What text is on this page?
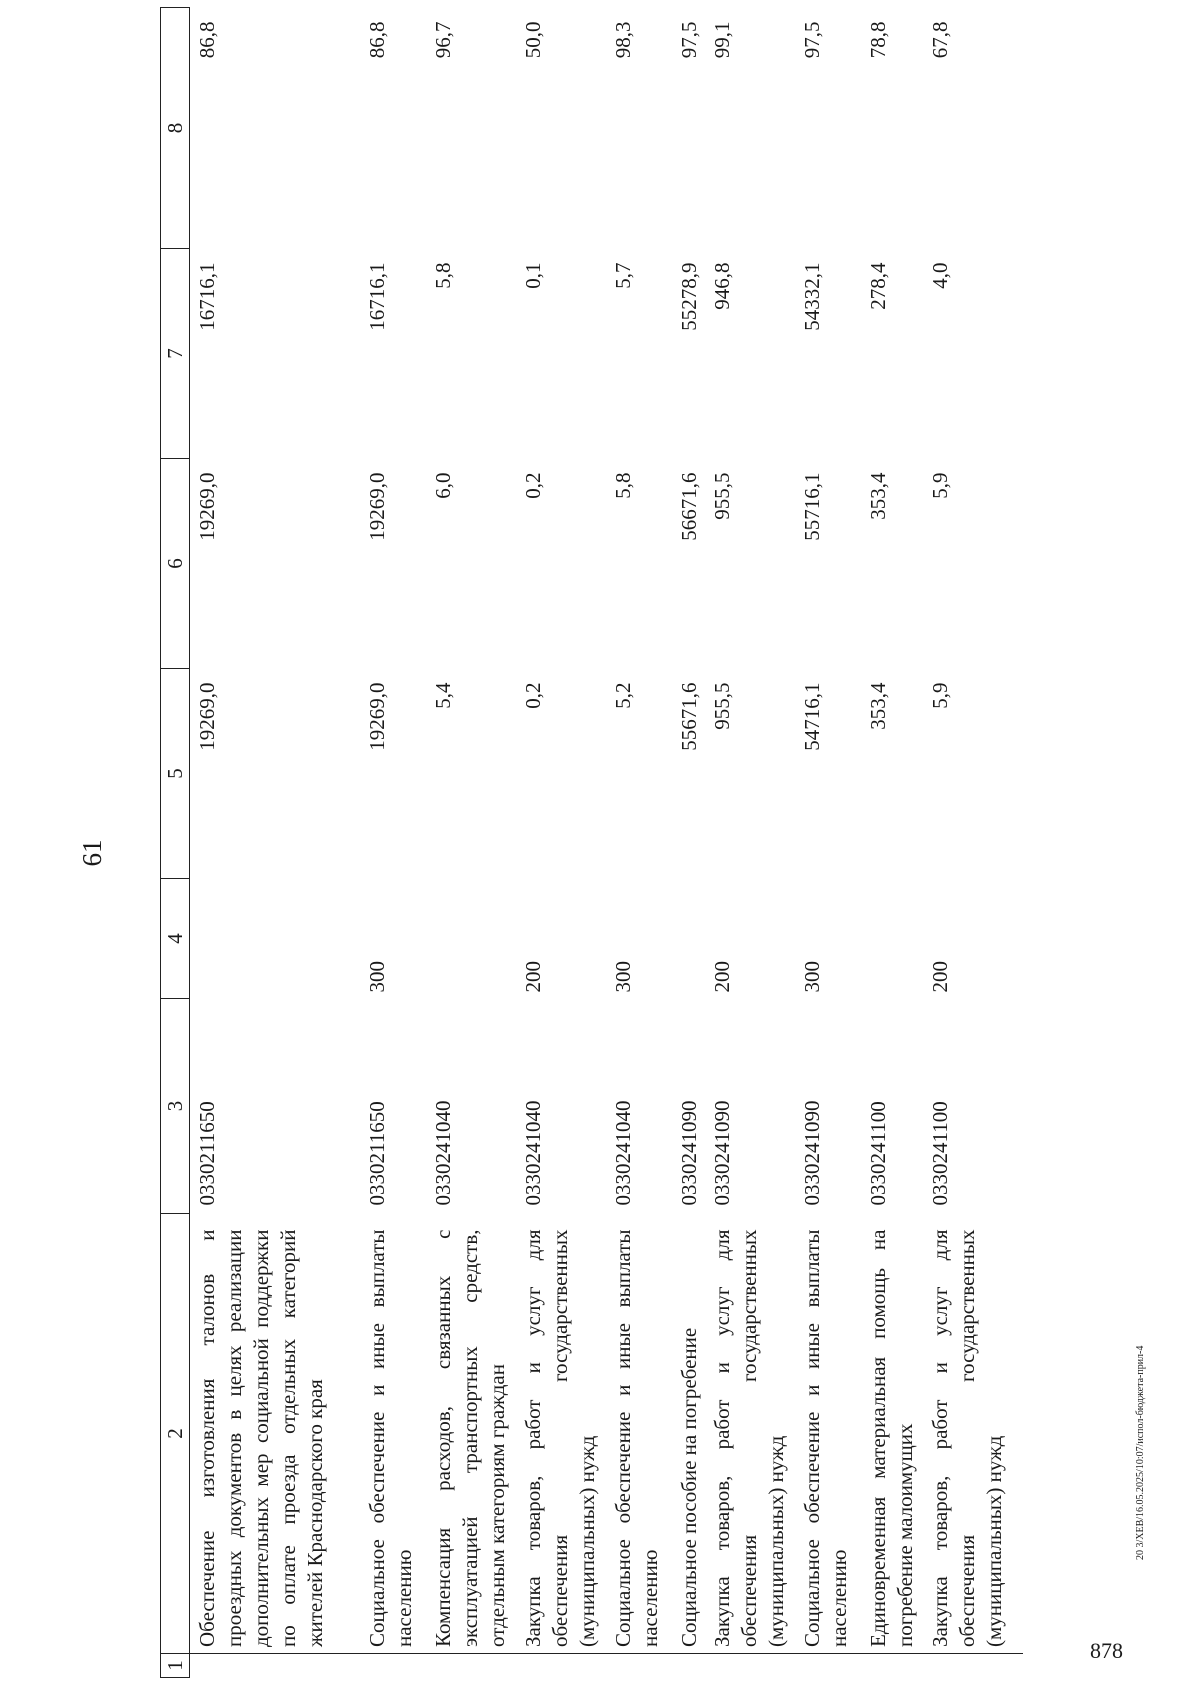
61
1	2	3	4	5	6	7	8
	Обеспечение изготовления талонов и проездных документов в целях реализации дополнительных мер социальной поддержки по оплате проезда отдельных категорий жителей Краснодарского края	0330211650		19269,0	19269,0	16716,1	86,8
	Социальное обеспечение и иные выплаты населению	0330211650	300	19269,0	19269,0	16716,1	86,8
	Компенсация расходов, связанных с эксплуатацией транспортных средств, отдельным категориям граждан	0330241040		5,4	6,0	5,8	96,7
	Закупка товаров, работ и услуг для обеспечения государственных (муниципальных) нужд	0330241040	200	0,2	0,2	0,1	50,0
	Социальное обеспечение и иные выплаты населению	0330241040	300	5,2	5,8	5,7	98,3
	Социальное пособие на погребение	0330241090		55671,6	56671,6	55278,9	97,5
	Закупка товаров, работ и услуг для обеспечения государственных (муниципальных) нужд	0330241090	200	955,5	955,5	946,8	99,1
	Социальное обеспечение и иные выплаты населению	0330241090	300	54716,1	55716,1	54332,1	97,5
	Единовременная материальная помощь на погребение малоимущих	0330241100		353,4	353,4	278,4	78,8
	Закупка товаров, работ и услуг для обеспечения государственных (муниципальных) нужд	0330241100	200	5,9	5,9	4,0	67,8
20 3/ХЕВ/16.05.2025/10:07/испол-бюджета-прил-4
878
